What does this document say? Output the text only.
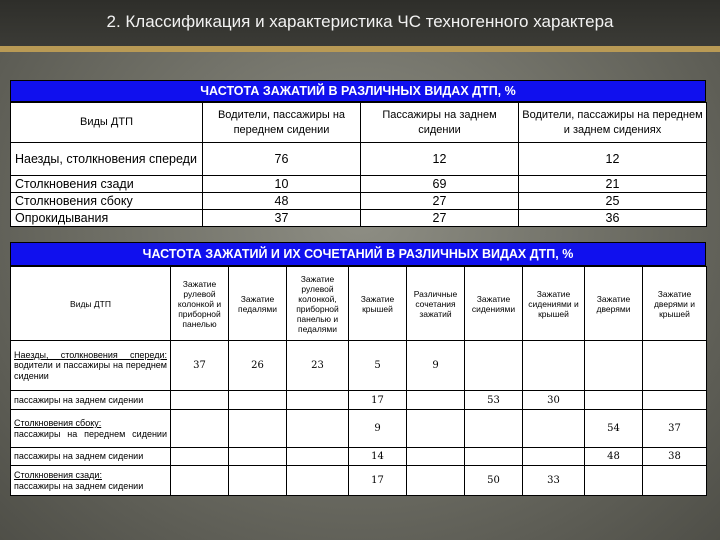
2. Классификация и характеристика ЧС техногенного характера
ЧАСТОТА ЗАЖАТИЙ В РАЗЛИЧНЫХ ВИДАХ ДТП, %
Виды ДТП	Водители, пассажиры на переднем сидении	Пассажиры на заднем сидении	Водители, пассажиры на переднем и заднем сидениях
Наезды, столкновения спереди	76	12	12
Столкновения сзади	10	69	21
Столкновения сбоку	48	27	25
Опрокидывания	37	27	36
ЧАСТОТА ЗАЖАТИЙ И ИХ СОЧЕТАНИЙ В РАЗЛИЧНЫХ ВИДАХ ДТП, %
Виды ДТП	Зажатие рулевой колонкой и приборной панелью	Зажатие педалями	Зажатие рулевой колонкой, приборной панелью и педалями	Зажатие крышей	Различные сочетания зажатий	Зажатие сидениями	Зажатие сидениями и крышей	Зажатие дверями	Зажатие дверями и крышей

Наезды, столкновения спереди:
водители и пассажиры на переднем сидении	37	26	23	5	9				
пассажиры на заднем сидении				17		53	30		

Столкновения сбоку:
пассажиры на переднем сидении				9				54	37
пассажиры на заднем сидении				14				48	38

Столкновения сзади:
пассажиры на заднем сидении				17		50	33		
